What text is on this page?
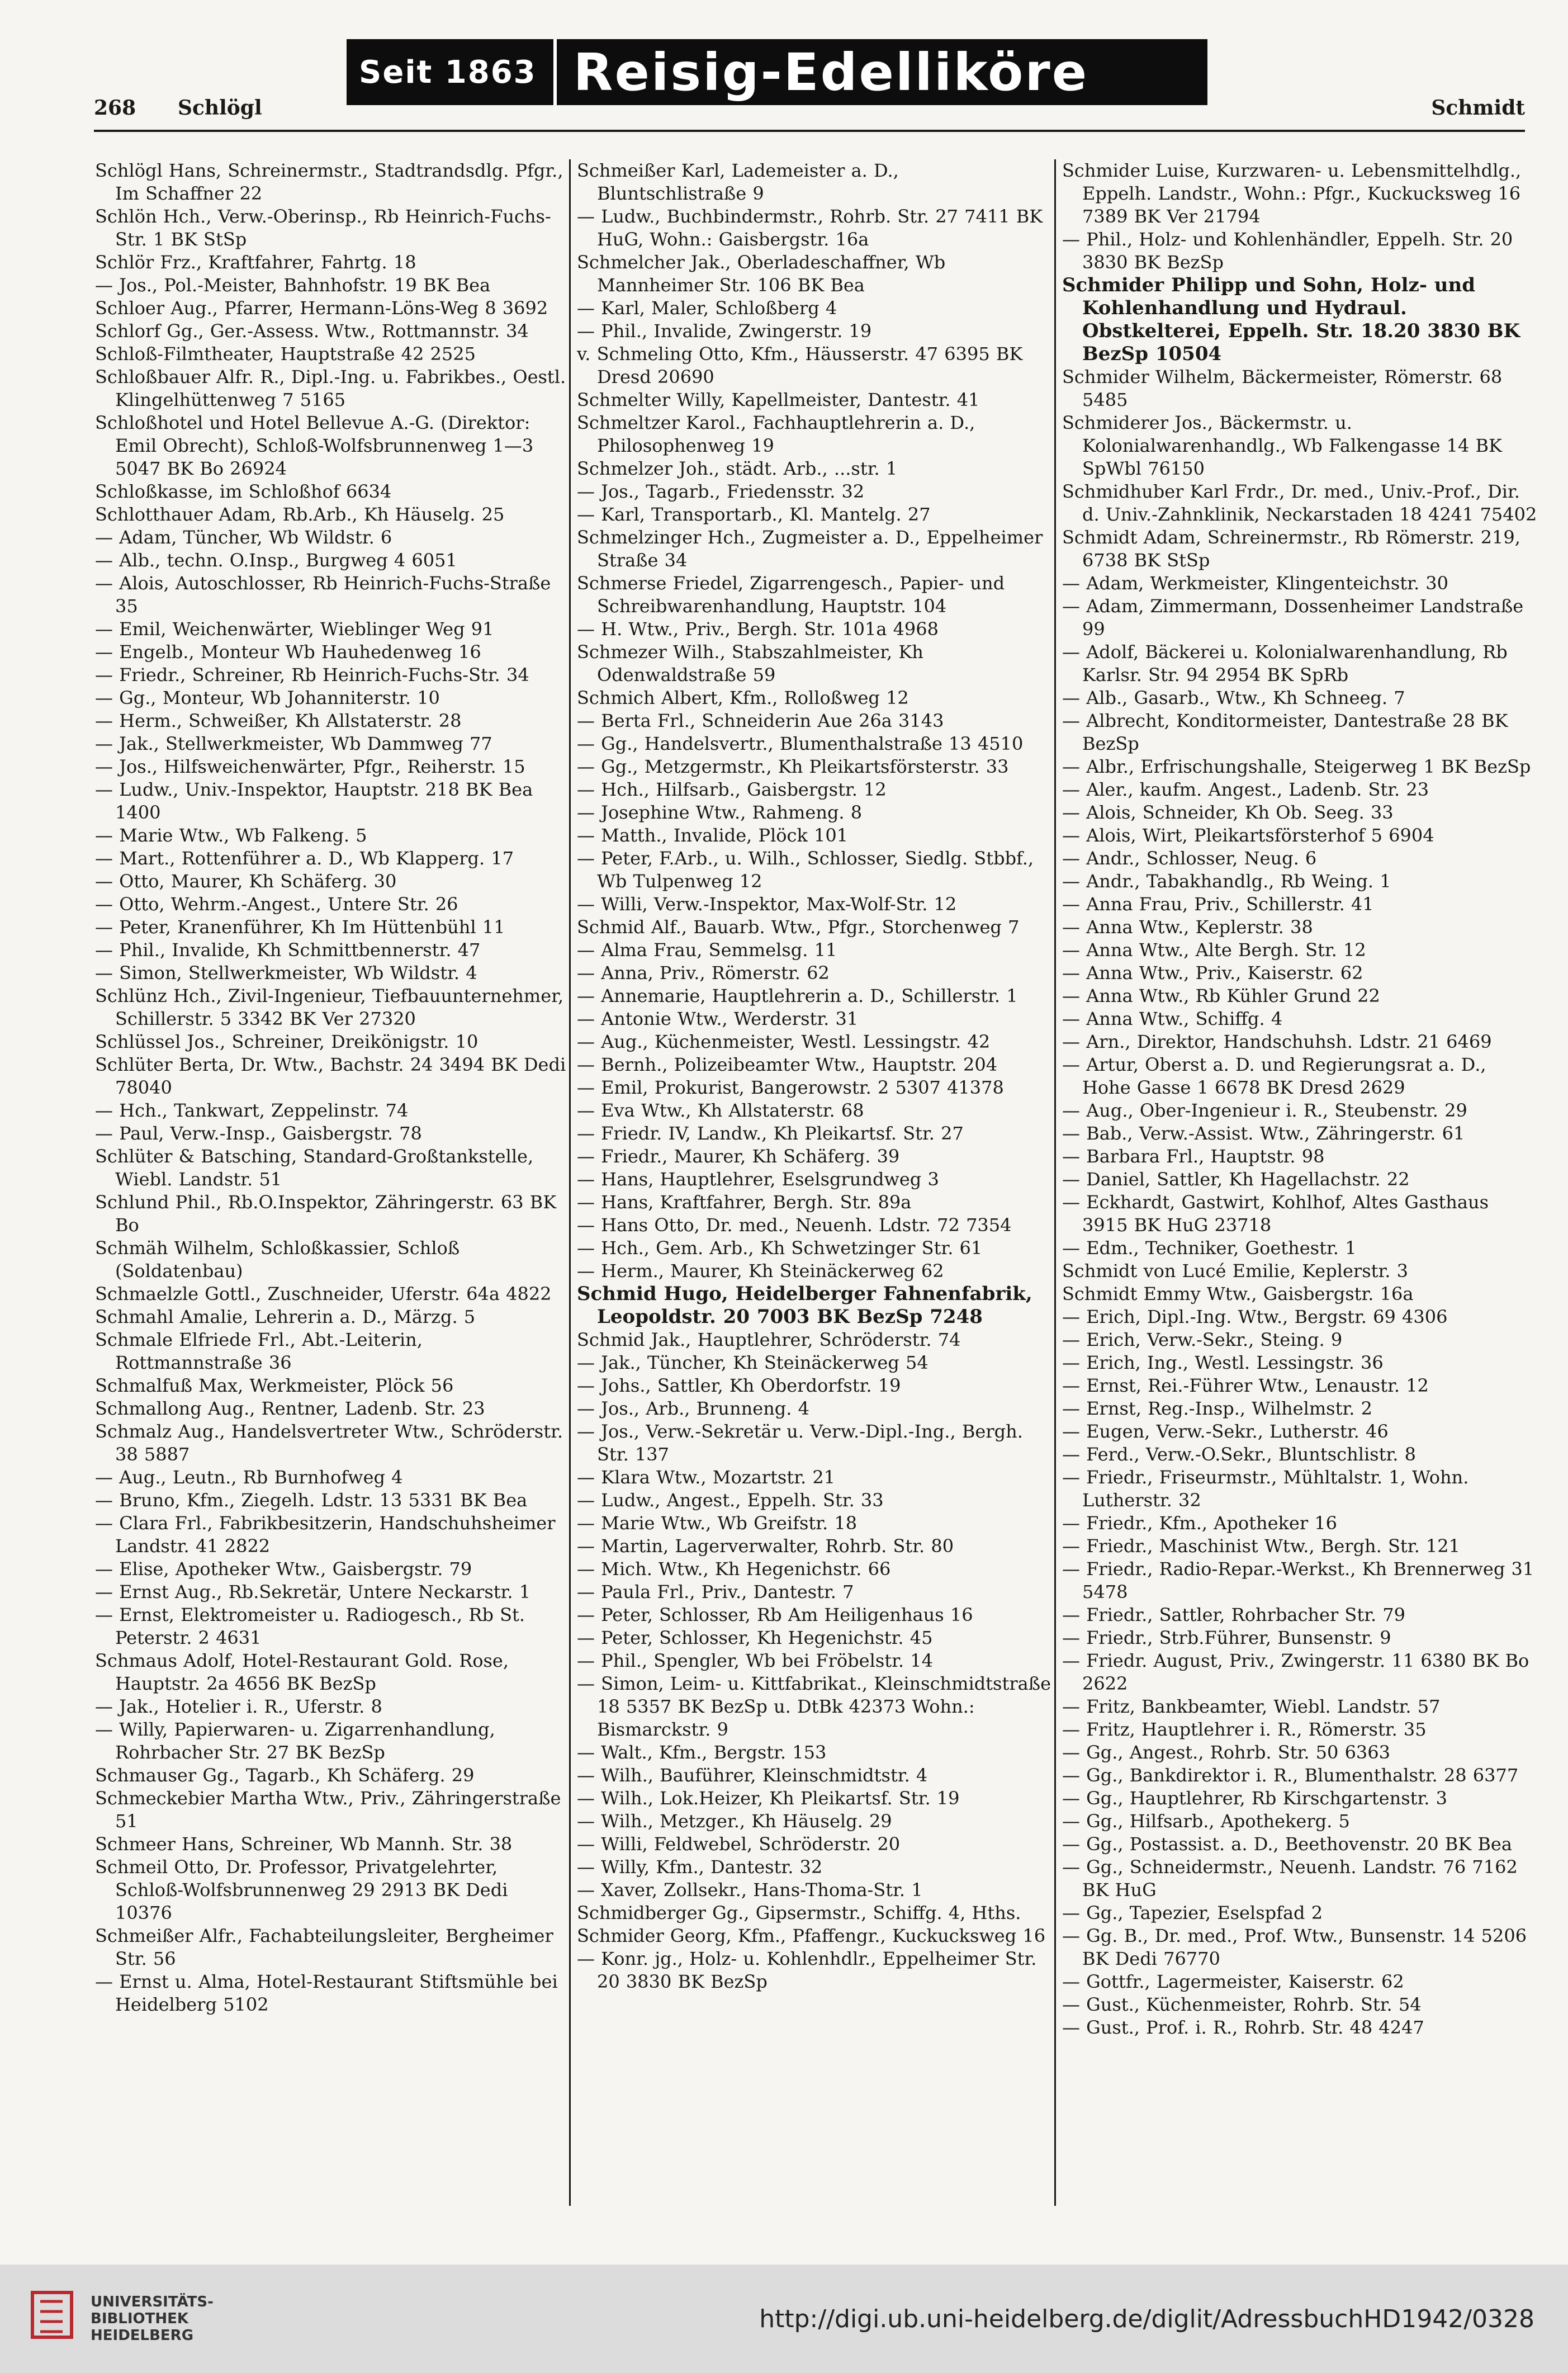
Seit 1863 Reisig-Edelliköre
268 Schlögl	Schmidt
Schlögl Hans, Schreinermstr., Stadtrandsdlg. Pfgr., Im Schaffner 22
Schlön Hch., Verw.-Oberinsp., Rb Heinrich-Fuchs-Str. 1 BK StSp
Schlör Frz., Kraftfahrer, Fahrtg. 18
— Jos., Pol.-Meister, Bahnhofstr. 19 BK Bea
Schloer Aug., Pfarrer, Hermann-Löns-Weg 8 3692
Schlorf Gg., Ger.-Assess. Wtw., Rottmannstr. 34
Schloß-Filmtheater, Hauptstraße 42 2525
Schloßbauer Alfr. R., Dipl.-Ing. u. Fabrikbes., Oestl. Klingelhüttenweg 7 5165
Schloßhotel und Hotel Bellevue A.-G. (Direktor: Emil Obrecht), Schloß-Wolfsbrunnenweg 1—3 5047 BK Bo 26924
Schloßkasse, im Schloßhof 6634
Schlotthauer Adam, Rb.Arb., Kh Häuselg. 25
— Adam, Tüncher, Wb Wildstr. 6
— Alb., techn. O.Insp., Burgweg 4 6051
— Alois, Autoschlosser, Rb Heinrich-Fuchs-Straße 35
— Emil, Weichenwärter, Wieblinger Weg 91
— Engelb., Monteur Wb Hauhedenweg 16
— Friedr., Schreiner, Rb Heinrich-Fuchs-Str. 34
— Gg., Monteur, Wb Johanniterstr. 10
— Herm., Schweißer, Kh Allstaterstr. 28
— Jak., Stellwerkmeister, Wb Dammweg 77
— Jos., Hilfsweichenwärter, Pfgr., Reiherstr. 15
— Ludw., Univ.-Inspektor, Hauptstr. 218 BK Bea 1400
— Marie Wtw., Wb Falkeng. 5
— Mart., Rottenführer a. D., Wb Klapperg. 17
— Otto, Maurer, Kh Schäferg. 30
— Otto, Wehrm.-Angest., Untere Str. 26
— Peter, Kranenführer, Kh Im Hüttenbühl 11
— Phil., Invalide, Kh Schmittbennerstr. 47
— Simon, Stellwerkmeister, Wb Wildstr. 4
Schlünz Hch., Zivil-Ingenieur, Tiefbauunternehmer, Schillerstr. 5 3342 BK Ver 27320
Schlüssel Jos., Schreiner, Dreikönigstr. 10
Schlüter Berta, Dr. Wtw., Bachstr. 24 3494 BK Dedi 78040
— Hch., Tankwart, Zeppelinstr. 74
— Paul, Verw.-Insp., Gaisbergstr. 78
Schlüter & Batsching, Standard-Großtankstelle, Wiebl. Landstr. 51
Schlund Phil., Rb.O.Inspektor, Zähringerstr. 63 BK Bo
Schmäh Wilhelm, Schloßkassier, Schloß (Soldatenbau)
Schmaelzle Gottl., Zuschneider, Uferstr. 64a 4822
Schmahl Amalie, Lehrerin a. D., Märzg. 5
Schmale Elfriede Frl., Abt.-Leiterin, Rottmannstraße 36
Schmalfuß Max, Werkmeister, Plöck 56
Schmallong Aug., Rentner, Ladenb. Str. 23
Schmalz Aug., Handelsvertreter Wtw., Schröderstr. 38 5887
— Aug., Leutn., Rb Burnhofweg 4
— Bruno, Kfm., Ziegelh. Ldstr. 13 5331 BK Bea
— Clara Frl., Fabrikbesitzerin, Handschuhsheimer Landstr. 41 2822
— Elise, Apotheker Wtw., Gaisbergstr. 79
— Ernst Aug., Rb.Sekretär, Untere Neckarstr. 1
— Ernst, Elektromeister u. Radiogesch., Rb St. Peterstr. 2 4631
Schmaus Adolf, Hotel-Restaurant Gold. Rose, Hauptstr. 2a 4656 BK BezSp
— Jak., Hotelier i. R., Uferstr. 8
— Willy, Papierwaren- u. Zigarrenhandlung, Rohrbacher Str. 27 BK BezSp
Schmauser Gg., Tagarb., Kh Schäferg. 29
Schmeckebier Martha Wtw., Priv., Zähringerstraße 51
Schmeer Hans, Schreiner, Wb Mannh. Str. 38
Schmeil Otto, Dr. Professor, Privatgelehrter, Schloß-Wolfsbrunnenweg 29 2913 BK Dedi 10376
Schmeißer Alfr., Fachabteilungsleiter, Bergheimer Str. 56
— Ernst u. Alma, Hotel-Restaurant Stiftsmühle bei Heidelberg 5102
Schmeißer Karl, Lademeister a. D., Bluntschlistraße 9
— Ludw., Buchbindermstr., Rohrb. Str. 27 7411 BK HuG, Wohn.: Gaisbergstr. 16a
Schmelcher Jak., Oberladeschaffner, Wb Mannheimer Str. 106 BK Bea
— Karl, Maler, Schloßberg 4
— Phil., Invalide, Zwingerstr. 19
v. Schmeling Otto, Kfm., Häusserstr. 47 6395 BK Dresd 20690
Schmelter Willy, Kapellmeister, Dantestr. 41
Schmeltzer Karol., Fachhauptlehrerin a. D., Philosophenweg 19
Schmelzer Joh., städt. Arb., ...str. 1
— Jos., Tagarb., Friedensstr. 32
— Karl, Transportarb., Kl. Mantelg. 27
Schmelzinger Hch., Zugmeister a. D., Eppelheimer Straße 34
Schmerse Friedel, Zigarrengesch., Papier- und Schreibwarenhandlung, Hauptstr. 104
— H. Wtw., Priv., Bergh. Str. 101a 4968
Schmezer Wilh., Stabszahlmeister, Kh Odenwaldstraße 59
Schmich Albert, Kfm., Rolloßweg 12
— Berta Frl., Schneiderin Aue 26a 3143
— Gg., Handelsvertr., Blumenthalstraße 13 4510
— Gg., Metzgermstr., Kh Pleikartsförsterstr. 33
— Hch., Hilfsarb., Gaisbergstr. 12
— Josephine Wtw., Rahmeng. 8
— Matth., Invalide, Plöck 101
— Peter, F.Arb., u. Wilh., Schlosser, Siedlg. Stbbf., Wb Tulpenweg 12
— Willi, Verw.-Inspektor, Max-Wolf-Str. 12
Schmid Alf., Bauarb. Wtw., Pfgr., Storchenweg 7
— Alma Frau, Semmelsg. 11
— Anna, Priv., Römerstr. 62
— Annemarie, Hauptlehrerin a. D., Schillerstr. 1
— Antonie Wtw., Werderstr. 31
— Aug., Küchenmeister, Westl. Lessingstr. 42
— Bernh., Polizeibeamter Wtw., Hauptstr. 204
— Emil, Prokurist, Bangerowstr. 2 5307 41378
— Eva Wtw., Kh Allstaterstr. 68
— Friedr. IV, Landw., Kh Pleikartsf. Str. 27
— Friedr., Maurer, Kh Schäferg. 39
— Hans, Hauptlehrer, Eselsgrundweg 3
— Hans, Kraftfahrer, Bergh. Str. 89a
— Hans Otto, Dr. med., Neuenh. Ldstr. 72 7354
— Hch., Gem. Arb., Kh Schwetzinger Str. 61
— Herm., Maurer, Kh Steinäckerweg 62
Schmid Hugo, Heidelberger Fahnenfabrik, Leopoldstr. 20 7003 BK BezSp 7248
Schmid Jak., Hauptlehrer, Schröderstr. 74
— Jak., Tüncher, Kh Steinäckerweg 54
— Johs., Sattler, Kh Oberdorfstr. 19
— Jos., Arb., Brunneng. 4
— Jos., Verw.-Sekretär u. Verw.-Dipl.-Ing., Bergh. Str. 137
— Klara Wtw., Mozartstr. 21
— Ludw., Angest., Eppelh. Str. 33
— Marie Wtw., Wb Greifstr. 18
— Martin, Lagerverwalter, Rohrb. Str. 80
— Mich. Wtw., Kh Hegenichstr. 66
— Paula Frl., Priv., Dantestr. 7
— Peter, Schlosser, Rb Am Heiligenhaus 16
— Peter, Schlosser, Kh Hegenichstr. 45
— Phil., Spengler, Wb bei Fröbelstr. 14
— Simon, Leim- u. Kittfabrikat., Kleinschmidtstraße 18 5357 BK BezSp u. DtBk 42373 Wohn.: Bismarckstr. 9
— Walt., Kfm., Bergstr. 153
— Wilh., Bauführer, Kleinschmidtstr. 4
— Wilh., Lok.Heizer, Kh Pleikartsf. Str. 19
— Wilh., Metzger., Kh Häuselg. 29
— Willi, Feldwebel, Schröderstr. 20
— Willy, Kfm., Dantestr. 32
— Xaver, Zollsekr., Hans-Thoma-Str. 1
Schmidberger Gg., Gipsermstr., Schiffg. 4, Hths.
Schmider Georg, Kfm., Pfaffengr., Kuckucksweg 16
— Konr. jg., Holz- u. Kohlenhdlr., Eppelheimer Str. 20 3830 BK BezSp
Schmider Luise, Kurzwaren- u. Lebensmittelhdlg., Eppelh. Landstr., Wohn.: Pfgr., Kuckucksweg 16 7389 BK Ver 21794
— Phil., Holz- und Kohlenhändler, Eppelh. Str. 20 3830 BK BezSp
Schmider Philipp und Sohn, Holz- und Kohlenhandlung und Hydraul. Obstkelterei, Eppelh. Str. 18.20 3830 BK BezSp 10504
Schmider Wilhelm, Bäckermeister, Römerstr. 68 5485
Schmiderer Jos., Bäckermstr. u. Kolonialwarenhandlg., Wb Falkengasse 14 BK SpWbl 76150
Schmidhuber Karl Frdr., Dr. med., Univ.-Prof., Dir. d. Univ.-Zahnklinik, Neckarstaden 18 4241 75402
Schmidt Adam, Schreinermstr., Rb Römerstr. 219, 6738 BK StSp
— Adam, Werkmeister, Klingenteichstr. 30
— Adam, Zimmermann, Dossenheimer Landstraße 99
— Adolf, Bäckerei u. Kolonialwarenhandlung, Rb Karlsr. Str. 94 2954 BK SpRb
— Alb., Gasarb., Wtw., Kh Schneeg. 7
— Albrecht, Konditormeister, Dantestraße 28 BK BezSp
— Albr., Erfrischungshalle, Steigerweg 1 BK BezSp
— Aler., kaufm. Angest., Ladenb. Str. 23
— Alois, Schneider, Kh Ob. Seeg. 33
— Alois, Wirt, Pleikartsförsterhof 5 6904
— Andr., Schlosser, Neug. 6
— Andr., Tabakhandlg., Rb Weing. 1
— Anna Frau, Priv., Schillerstr. 41
— Anna Wtw., Keplerstr. 38
— Anna Wtw., Alte Bergh. Str. 12
— Anna Wtw., Priv., Kaiserstr. 62
— Anna Wtw., Rb Kühler Grund 22
— Anna Wtw., Schiffg. 4
— Arn., Direktor, Handschuhsh. Ldstr. 21 6469
— Artur, Oberst a. D. und Regierungsrat a. D., Hohe Gasse 1 6678 BK Dresd 2629
— Aug., Ober-Ingenieur i. R., Steubenstr. 29
— Bab., Verw.-Assist. Wtw., Zähringerstr. 61
— Barbara Frl., Hauptstr. 98
— Daniel, Sattler, Kh Hagellachstr. 22
— Eckhardt, Gastwirt, Kohlhof, Altes Gasthaus 3915 BK HuG 23718
— Edm., Techniker, Goethestr. 1
Schmidt von Lucé Emilie, Keplerstr. 3
Schmidt Emmy Wtw., Gaisbergstr. 16a
— Erich, Dipl.-Ing. Wtw., Bergstr. 69 4306
— Erich, Verw.-Sekr., Steing. 9
— Erich, Ing., Westl. Lessingstr. 36
— Ernst, Rei.-Führer Wtw., Lenaustr. 12
— Ernst, Reg.-Insp., Wilhelmstr. 2
— Eugen, Verw.-Sekr., Lutherstr. 46
— Ferd., Verw.-O.Sekr., Bluntschlistr. 8
— Friedr., Friseurmstr., Mühltalstr. 1, Wohn. Lutherstr. 32
— Friedr., Kfm., Apotheker 16
— Friedr., Maschinist Wtw., Bergh. Str. 121
— Friedr., Radio-Repar.-Werkst., Kh Brennerweg 31 5478
— Friedr., Sattler, Rohrbacher Str. 79
— Friedr., Strb.Führer, Bunsenstr. 9
— Friedr. August, Priv., Zwingerstr. 11 6380 BK Bo 2622
— Fritz, Bankbeamter, Wiebl. Landstr. 57
— Fritz, Hauptlehrer i. R., Römerstr. 35
— Gg., Angest., Rohrb. Str. 50 6363
— Gg., Bankdirektor i. R., Blumenthalstr. 28 6377
— Gg., Hauptlehrer, Rb Kirschgartenstr. 3
— Gg., Hilfsarb., Apothekerg. 5
— Gg., Postassist. a. D., Beethovenstr. 20 BK Bea
— Gg., Schneidermstr., Neuenh. Landstr. 76 7162 BK HuG
— Gg., Tapezier, Eselspfad 2
— Gg. B., Dr. med., Prof. Wtw., Bunsenstr. 14 5206 BK Dedi 76770
— Gottfr., Lagermeister, Kaiserstr. 62
— Gust., Küchenmeister, Rohrb. Str. 54
— Gust., Prof. i. R., Rohrb. Str. 48 4247
UNIVERSITÄTS-
BIBLIOTHEK
HEIDELBERG
http://digi.ub.uni-heidelberg.de/diglit/AdressbuchHD1942/0328
